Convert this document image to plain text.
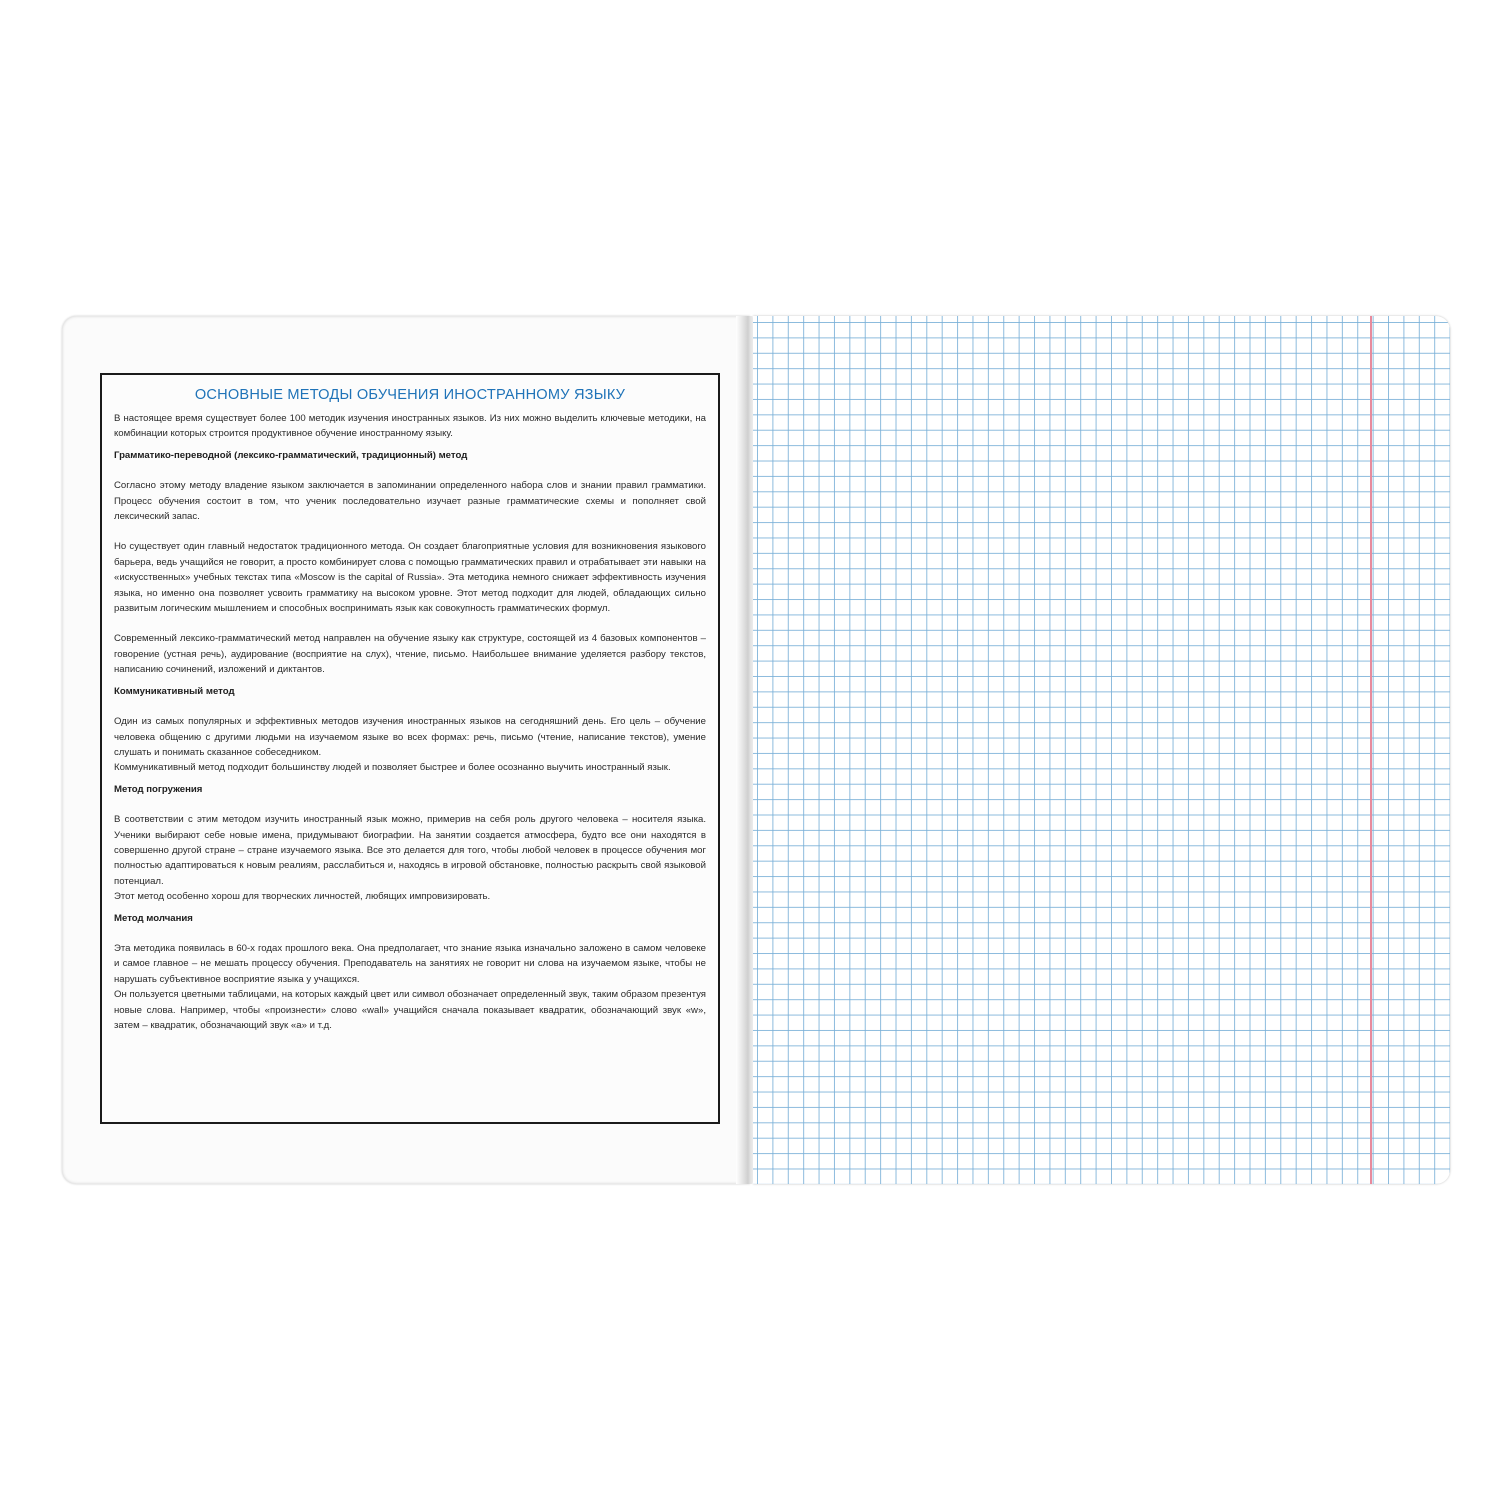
ОСНОВНЫЕ МЕТОДЫ ОБУЧЕНИЯ ИНОСТРАННОМУ ЯЗЫКУ

В настоящее время существует более 100 методик изучения иностранных языков. Из них можно выделить ключевые методики, на комбинации которых строится продуктивное обучение иностранному языку.

Грамматико-переводной (лексико-грамматический, традиционный) метод

Согласно этому методу владение языком заключается в запоминании определенного набора слов и знании правил грамматики. Процесс обучения состоит в том, что ученик последовательно изучает разные грамматические схемы и пополняет свой лексический запас.

Но существует один главный недостаток традиционного метода. Он создает благоприятные условия для возникновения языкового барьера, ведь учащийся не говорит, а просто комбинирует слова с помощью грамматических правил и отрабатывает эти навыки на «искусственных» учебных текстах типа «Moscow is the capital of Russia». Эта методика немного снижает эффективность изучения языка, но именно она позволяет усвоить грамматику на высоком уровне. Этот метод подходит для людей, обладающих сильно развитым логическим мышлением и способных воспринимать язык как совокупность грамматических формул.

Современный лексико-грамматический метод направлен на обучение языку как структуре, состоящей из 4 базовых компонентов – говорение (устная речь), аудирование (восприятие на слух), чтение, письмо. Наибольшее внимание уделяется разбору текстов, написанию сочинений, изложений и диктантов.

Коммуникативный метод

Один из самых популярных и эффективных методов изучения иностранных языков на сегодняшний день. Его цель – обучение человека общению с другими людьми на изучаемом языке во всех формах: речь, письмо (чтение, написание текстов), умение слушать и понимать сказанное собеседником.

Коммуникативный метод подходит большинству людей и позволяет быстрее и более осознанно выучить иностранный язык.

Метод погружения

В соответствии с этим методом изучить иностранный язык можно, примерив на себя роль другого человека – носителя языка. Ученики выбирают себе новые имена, придумывают биографии. На занятии создается атмосфера, будто все они находятся в совершенно другой стране – стране изучаемого языка. Все это делается для того, чтобы любой человек в процессе обучения мог полностью адаптироваться к новым реалиям, расслабиться и, находясь в игровой обстановке, полностью раскрыть свой языковой потенциал.

Этот метод особенно хорош для творческих личностей, любящих импровизировать.

Метод молчания

Эта методика появилась в 60-х годах прошлого века. Она предполагает, что знание языка изначально заложено в самом человеке и самое главное – не мешать процессу обучения. Преподаватель на занятиях не говорит ни слова на изучаемом языке, чтобы не нарушать субъективное восприятие языка у учащихся.

Он пользуется цветными таблицами, на которых каждый цвет или символ обозначает определенный звук, таким образом презентуя новые слова. Например, чтобы «произнести» слово «wall» учащийся сначала показывает квадратик, обозначающий звук «w», затем – квадратик, обозначающий звук «a» и т.д.
